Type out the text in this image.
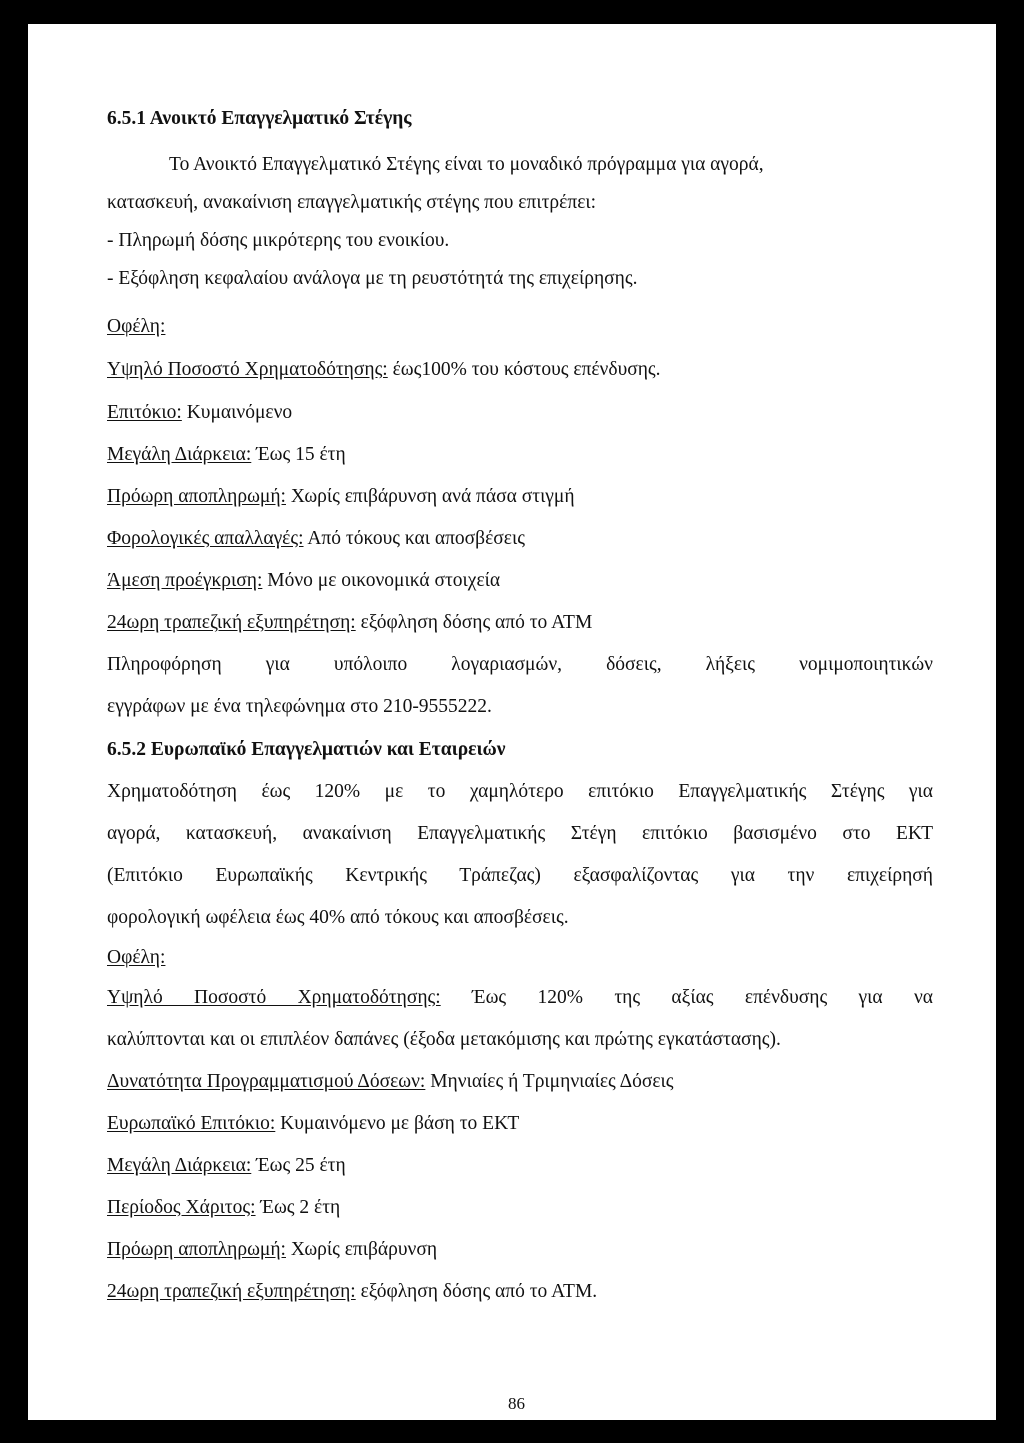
6.5.1 Ανοικτό Επαγγελματικό Στέγης
Το Ανοικτό Επαγγελματικό Στέγης είναι το μοναδικό πρόγραμμα για αγορά,
κατασκευή, ανακαίνιση επαγγελματικής στέγης που επιτρέπει:
- Πληρωμή δόσης μικρότερης του ενοικίου.
- Εξόφληση κεφαλαίου ανάλογα με τη ρευστότητά της επιχείρησης.
Οφέλη:
Υψηλό Ποσοστό Χρηματοδότησης: έως100% του κόστους επένδυσης.
Επιτόκιο: Κυμαινόμενο
Μεγάλη Διάρκεια: Έως 15 έτη
Πρόωρη αποπληρωμή: Χωρίς επιβάρυνση ανά πάσα στιγμή
Φορολογικές απαλλαγές: Από τόκους και αποσβέσεις
Άμεση προέγκριση: Μόνο με οικονομικά στοιχεία
24ωρη τραπεζική εξυπηρέτηση: εξόφληση δόσης από το ΑΤΜ
Πληροφόρηση για υπόλοιπο λογαριασμών, δόσεις, λήξεις νομιμοποιητικών
εγγράφων με ένα τηλεφώνημα στο 210-9555222.
6.5.2 Ευρωπαϊκό Επαγγελματιών και Εταιρειών
Χρηματοδότηση έως 120% με το χαμηλότερο επιτόκιο Επαγγελματικής Στέγης για
αγορά, κατασκευή, ανακαίνιση Επαγγελματικής Στέγη επιτόκιο βασισμένο στο ΕΚΤ
(Επιτόκιο Ευρωπαϊκής Κεντρικής Τράπεζας) εξασφαλίζοντας για την επιχείρησή
φορολογική ωφέλεια έως 40% από τόκους και αποσβέσεις.
Οφέλη:
Υψηλό Ποσοστό Χρηματοδότησης: Έως 120% της αξίας επένδυσης για να
καλύπτονται και οι επιπλέον δαπάνες (έξοδα μετακόμισης και πρώτης εγκατάστασης).
Δυνατότητα Προγραμματισμού Δόσεων: Μηνιαίες ή Τριμηνιαίες Δόσεις
Ευρωπαϊκό Επιτόκιο: Κυμαινόμενο με βάση το ΕΚΤ
Μεγάλη Διάρκεια: Έως 25 έτη
Περίοδος Χάριτος: Έως 2 έτη
Πρόωρη αποπληρωμή: Χωρίς επιβάρυνση
24ωρη τραπεζική εξυπηρέτηση: εξόφληση δόσης από το ΑΤΜ.
86
